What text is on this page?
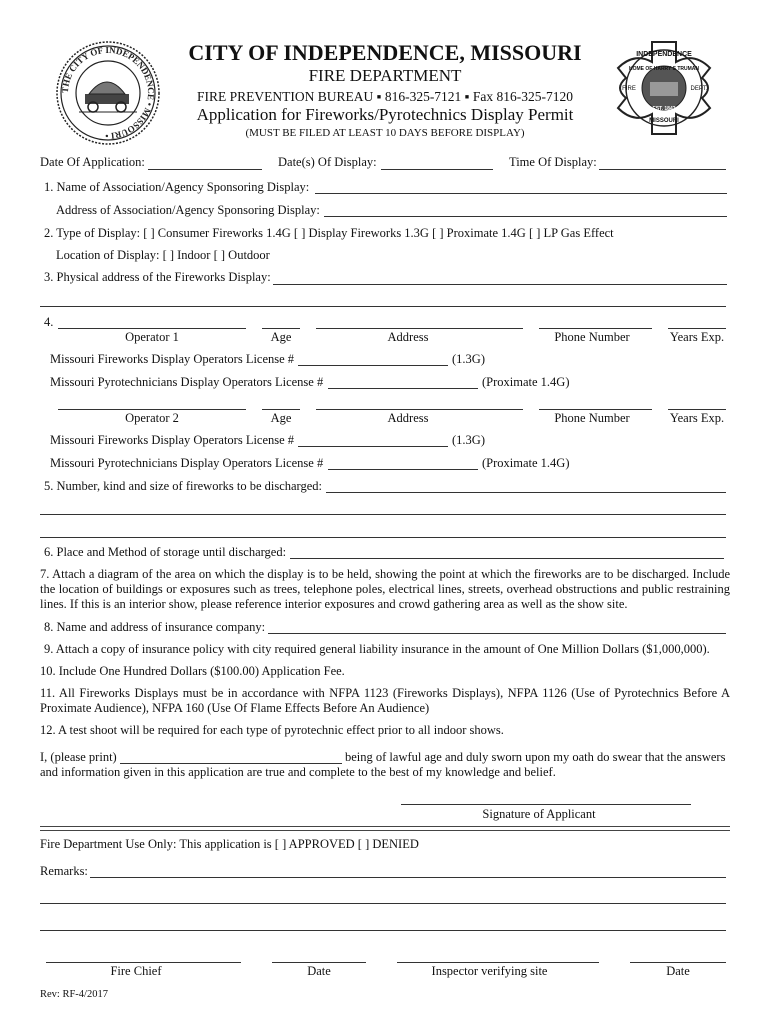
THE CITY OF INDEPENDENCE • MISSOURI •
INDEPENDENCE
HOME OF HARRY S TRUMAN
FIRE	DEPT.
EST. 1843
MISSOURI
CITY OF INDEPENDENCE, MISSOURI
FIRE DEPARTMENT
FIRE PREVENTION BUREAU ▪ 816-325-7121 ▪ Fax 816-325-7120
Application for Fireworks/Pyrotechnics Display Permit
(MUST BE FILED AT LEAST 10 DAYS BEFORE DISPLAY)
Date Of Application:	Date(s) Of Display:	Time Of Display:
1. Name of Association/Agency Sponsoring Display:
Address of Association/Agency Sponsoring Display:
2. Type of Display: [ ] Consumer Fireworks 1.4G [ ] Display Fireworks 1.3G [ ] Proximate 1.4G [ ] LP Gas Effect
Location of Display: [ ] Indoor [ ] Outdoor
3. Physical address of the Fireworks Display:
4.
Operator 1	Age	Address	Phone Number	Years Exp.
Missouri Fireworks Display Operators License #	(1.3G)
Missouri Pyrotechnicians Display Operators License #	(Proximate 1.4G)
Operator 2	Age	Address	Phone Number	Years Exp.
Missouri Fireworks Display Operators License #	(1.3G)
Missouri Pyrotechnicians Display Operators License #	(Proximate 1.4G)
5. Number, kind and size of fireworks to be discharged:
6. Place and Method of storage until discharged:
7. Attach a diagram of the area on which the display is to be held, showing the point at which the fireworks are to be discharged. Include the location of buildings or exposures such as trees, telephone poles, electrical lines, streets, overhead obstructions and public restraining lines. If this is an interior show, please reference interior exposures and crowd gathering area as well as the show site.
8. Name and address of insurance company:
9. Attach a copy of insurance policy with city required general liability insurance in the amount of One Million Dollars ($1,000,000).
10. Include One Hundred Dollars ($100.00) Application Fee.
11. All Fireworks Displays must be in accordance with NFPA 1123 (Fireworks Displays), NFPA 1126 (Use of Pyrotechnics Before A Proximate Audience), NFPA 160 (Use Of Flame Effects Before An Audience)
12. A test shoot will be required for each type of pyrotechnic effect prior to all indoor shows.
I, (please print)	being of lawful age and duly sworn upon my oath do swear that the answers
and information given in this application are true and complete to the best of my knowledge and belief.
Signature of Applicant
Fire Department Use Only: This application is [ ] APPROVED [ ] DENIED
Remarks:
Fire Chief	Date	Inspector verifying site	Date
Rev: RF-4/2017
